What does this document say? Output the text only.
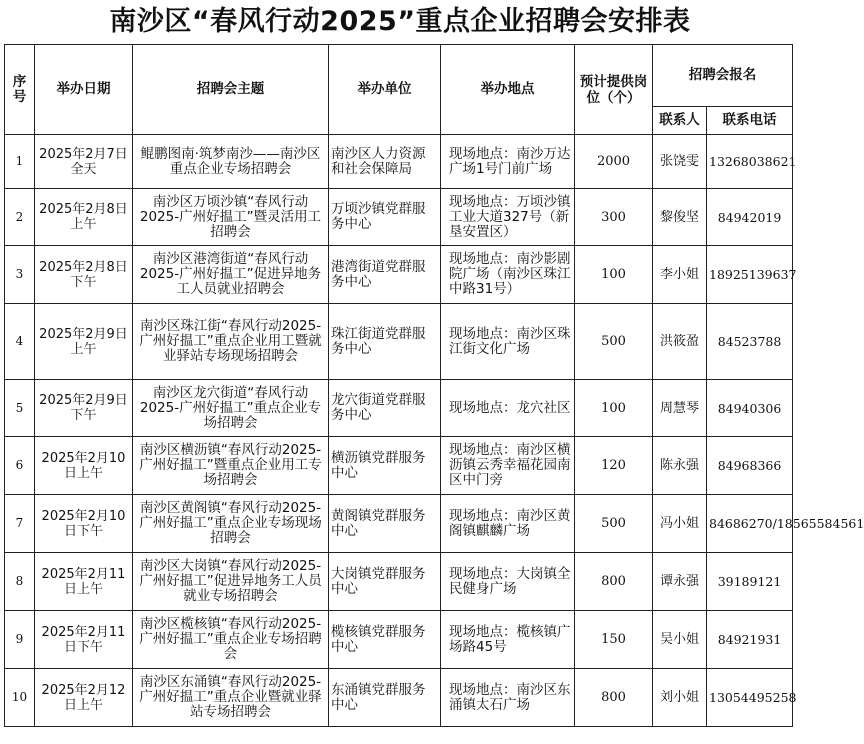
南沙区“春风行动2025”重点企业招聘会安排表
序号	举办日期	招聘会主题	举办单位	举办地点	预计提供岗位（个）	招聘会报名	
						联系人	联系电话
1	2025年2月7日全天	鲲鹏图南·筑梦南沙——南沙区重点企业专场招聘会	南沙区人力资源和社会保障局	现场地点：南沙万达广场1号门前广场	2000	张饶雯	13268038621
2	2025年2月8日上午	南沙区万顷沙镇“春风行动2025-广州好揾工”暨灵活用工招聘会	万顷沙镇党群服务中心	现场地点：万顷沙镇工业大道327号（新垦安置区）	300	黎俊坚	84942019
3	2025年2月8日下午	南沙区港湾街道“春风行动2025-广州好揾工”促进异地务工人员就业招聘会	港湾街道党群服务中心	现场地点：南沙影剧院广场（南沙区珠江中路31号）	100	李小姐	18925139637
4	2025年2月9日上午	南沙区珠江街“春风行动2025-广州好揾工”重点企业用工暨就业驿站专场现场招聘会	珠江街道党群服务中心	现场地点：南沙区珠江街文化广场	500	洪筱盈	84523788
5	2025年2月9日下午	南沙区龙穴街道“春风行动2025-广州好揾工”重点企业专场招聘会	龙穴街道党群服务中心	现场地点：龙穴社区	100	周慧琴	84940306
6	2025年2月10日上午	南沙区横沥镇“春风行动2025-广州好揾工”暨重点企业用工专场招聘会	横沥镇党群服务中心	现场地点：南沙区横沥镇云秀幸福花园南区中门旁	120	陈永强	84968366
7	2025年2月10日下午	南沙区黄阁镇“春风行动2025-广州好揾工”重点企业专场现场招聘会	黄阁镇党群服务中心	现场地点：南沙区黄阁镇麒麟广场	500	冯小姐	84686270/18565584561
8	2025年2月11日上午	南沙区大岗镇“春风行动2025-广州好揾工”促进异地务工人员就业专场招聘会	大岗镇党群服务中心	现场地点：大岗镇全民健身广场	800	谭永强	39189121
9	2025年2月11日下午	南沙区榄核镇“春风行动2025-广州好揾工”重点企业专场招聘会	榄核镇党群服务中心	现场地点：榄核镇广场路45号	150	吴小姐	84921931
10	2025年2月12日上午	南沙区东涌镇“春风行动2025-广州好揾工”重点企业暨就业驿站专场招聘会	东涌镇党群服务中心	现场地点：南沙区东涌镇太石广场	800	刘小姐	13054495258
